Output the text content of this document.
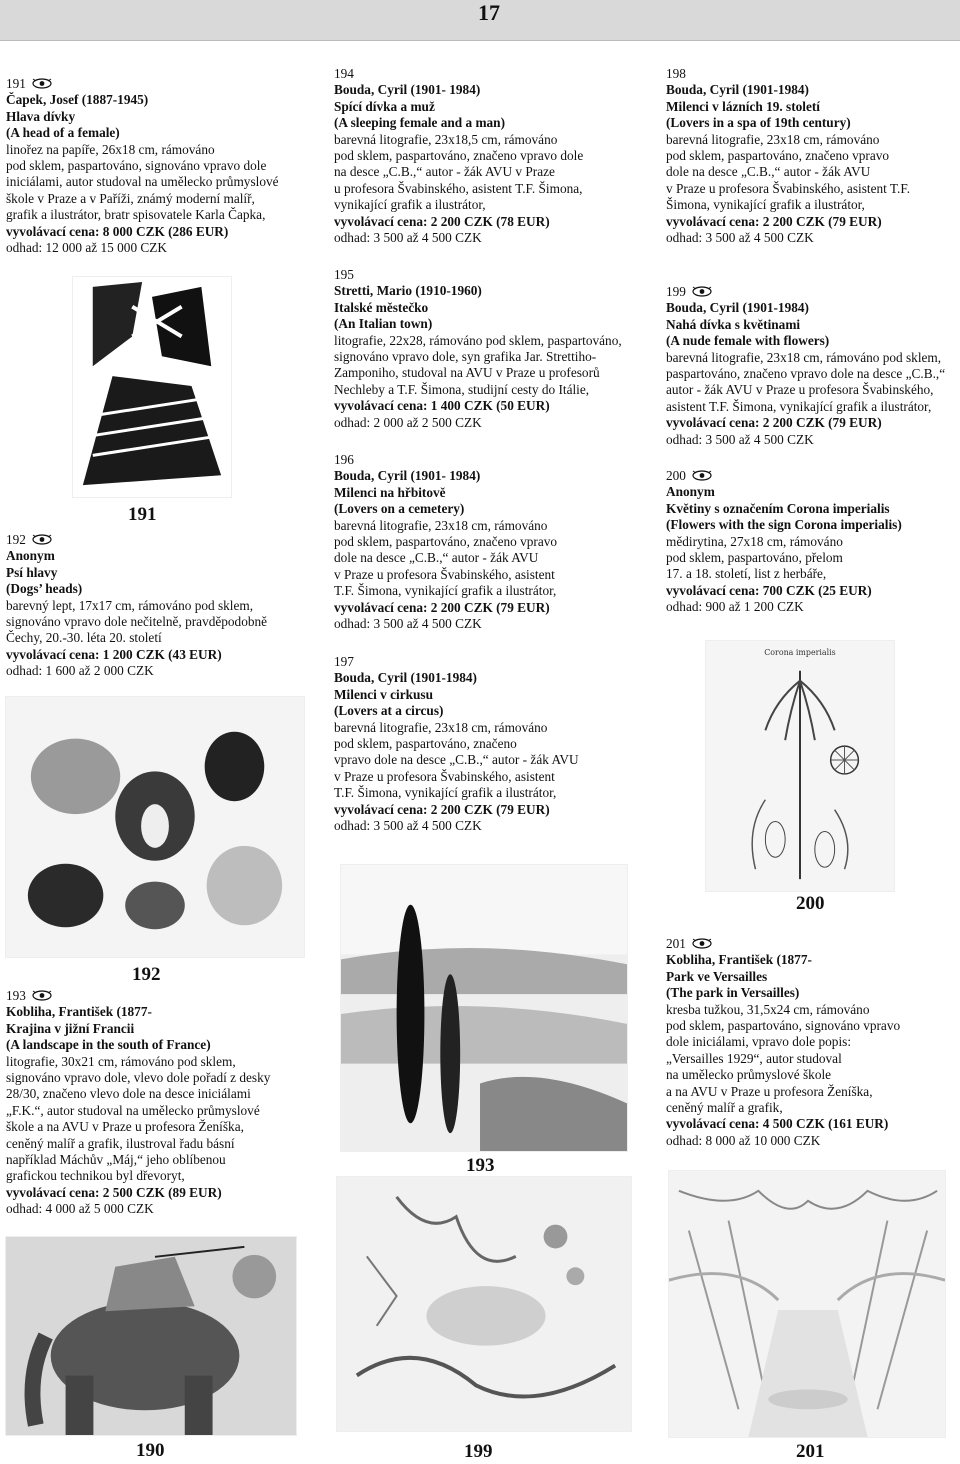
17
191
Čapek, Josef (1887-1945)
Hlava dívky
(A head of a female)
linořez na papíře, 26x18 cm, rámováno
pod sklem, paspartováno, signováno vpravo dole
iniciálami, autor studoval na umělecko průmyslové
škole v Praze a v Paříži, známý moderní malíř,
grafik a ilustrátor, bratr spisovatele Karla Čapka,
vyvolávací cena: 8 000 CZK (286 EUR)
odhad: 12 000 až 15 000 CZK
191
192
Anonym
Psí hlavy
(Dogs’ heads)
barevný lept, 17x17 cm, rámováno pod sklem,
signováno vpravo dole nečitelně, pravděpodobně
Čechy, 20.-30. léta 20. století
vyvolávací cena: 1 200 CZK (43 EUR)
odhad: 1 600 až 2 000 CZK
192
193
Kobliha, František (1877-
Krajina v jižní Francii
(A landscape in the south of France)
litografie, 30x21 cm, rámováno pod sklem,
signováno vpravo dole, vlevo dole pořadí z desky
28/30, značeno vlevo dole na desce iniciálami
„F.K.“, autor studoval na umělecko průmyslové
škole a na AVU v Praze u profesora Ženíška,
ceněný malíř a grafik, ilustroval řadu básní
například Máchův „Máj,“ jeho oblíbenou
grafickou technikou byl dřevoryt,
vyvolávací cena: 2 500 CZK (89 EUR)
odhad: 4 000 až 5 000 CZK
190
194
Bouda, Cyril (1901- 1984)
Spící dívka a muž
(A sleeping female and a man)
barevná litografie, 23x18,5 cm, rámováno
pod sklem, paspartováno, značeno vpravo dole
na desce „C.B.,“ autor - žák AVU v Praze
u profesora Švabinského, asistent T.F. Šimona,
vynikající grafik a ilustrátor,
vyvolávací cena: 2 200 CZK (78 EUR)
odhad: 3 500 až 4 500 CZK
195
Stretti, Mario (1910-1960)
Italské městečko
(An Italian town)
litografie, 22x28, rámováno pod sklem, paspartováno,
signováno vpravo dole, syn grafika Jar. Strettiho-
Zamponiho, studoval na AVU v Praze u profesorů
Nechleby a T.F. Šimona, studijní cesty do Itálie,
vyvolávací cena: 1 400 CZK (50 EUR)
odhad: 2 000 až 2 500 CZK
196
Bouda, Cyril (1901- 1984)
Milenci na hřbitově
(Lovers on a cemetery)
barevná litografie, 23x18 cm, rámováno
pod sklem, paspartováno, značeno vpravo
dole na desce „C.B.,“ autor - žák AVU
v Praze u profesora Švabinského, asistent
T.F. Šimona, vynikající grafik a ilustrátor,
vyvolávací cena: 2 200 CZK (79 EUR)
odhad: 3 500 až 4 500 CZK
197
Bouda, Cyril (1901-1984)
Milenci v cirkusu
(Lovers at a circus)
barevná litografie, 23x18 cm, rámováno
pod sklem, paspartováno, značeno
vpravo dole na desce „C.B.,“ autor - žák AVU
v Praze u profesora Švabinského, asistent
T.F. Šimona, vynikající grafik a ilustrátor,
vyvolávací cena: 2 200 CZK (79 EUR)
odhad: 3 500 až 4 500 CZK
193
199
198
Bouda, Cyril (1901-1984)
Milenci v lázních 19. století
(Lovers in a spa of 19th century)
barevná litografie, 23x18 cm, rámováno
pod sklem, paspartováno, značeno vpravo
dole na desce „C.B.,“ autor - žák AVU
v Praze u profesora Švabinského, asistent T.F.
Šimona, vynikající grafik a ilustrátor,
vyvolávací cena: 2 200 CZK (79 EUR)
odhad: 3 500 až 4 500 CZK
199
Bouda, Cyril (1901-1984)
Nahá dívka s květinami
(A nude female with flowers)
barevná litografie, 23x18 cm, rámováno pod sklem,
paspartováno, značeno vpravo dole na desce „C.B.,“
autor - žák AVU v Praze u profesora Švabinského,
asistent T.F. Šimona, vynikající grafik a ilustrátor,
vyvolávací cena: 2 200 CZK (79 EUR)
odhad: 3 500 až 4 500 CZK
200
Anonym
Květiny s označením Corona imperialis
(Flowers with the sign Corona imperialis)
mědirytina, 27x18 cm, rámováno
pod sklem, paspartováno, přelom
17. a 18. století, list z herbáře,
vyvolávací cena: 700 CZK (25 EUR)
odhad: 900 až 1 200 CZK
Corona imperialis
200
201
Kobliha, František (1877-
Park ve Versailles
(The park in Versailles)
kresba tužkou, 31,5x24 cm, rámováno
pod sklem, paspartováno, signováno vpravo
dole iniciálami, vpravo dole popis:
„Versailles 1929“, autor studoval
na umělecko průmyslové škole
a na AVU v Praze u profesora Ženíška,
ceněný malíř a grafik,
vyvolávací cena: 4 500 CZK (161 EUR)
odhad: 8 000 až 10 000 CZK
201
